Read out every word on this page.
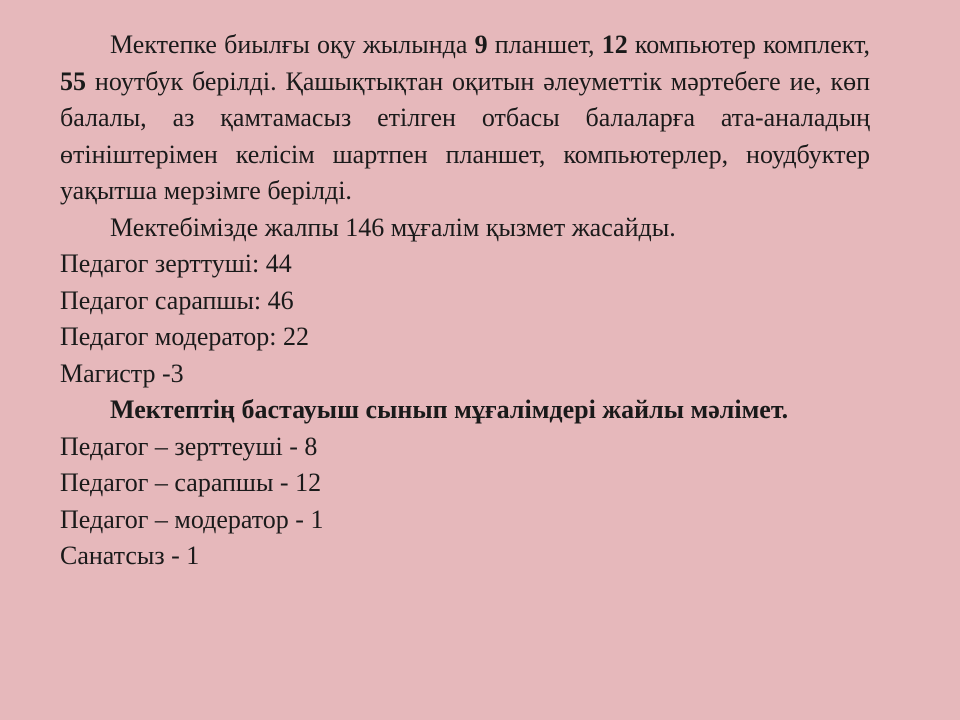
Мектепке биылғы оқу жылында 9 планшет, 12 компьютер комплект, 55 ноутбук берілді. Қашықтықтан оқитын әлеуметтік мәртебеге ие, көп балалы, аз қамтамасыз етілген отбасы балаларға ата-аналадың өтініштерімен келісім шартпен планшет, компьютерлер, ноудбуктер уақытша мерзімге берілді.

Мектебімізде жалпы 146 мұғалім қызмет жасайды.

Педагог зерттуші: 44

Педагог сарапшы: 46

Педагог модератор: 22

Магистр -3

Мектептің бастауыш сынып мұғалімдері жайлы мәлімет.

Педагог – зерттеуші - 8

Педагог – сарапшы - 12

Педагог – модератор - 1

Санатсыз - 1
